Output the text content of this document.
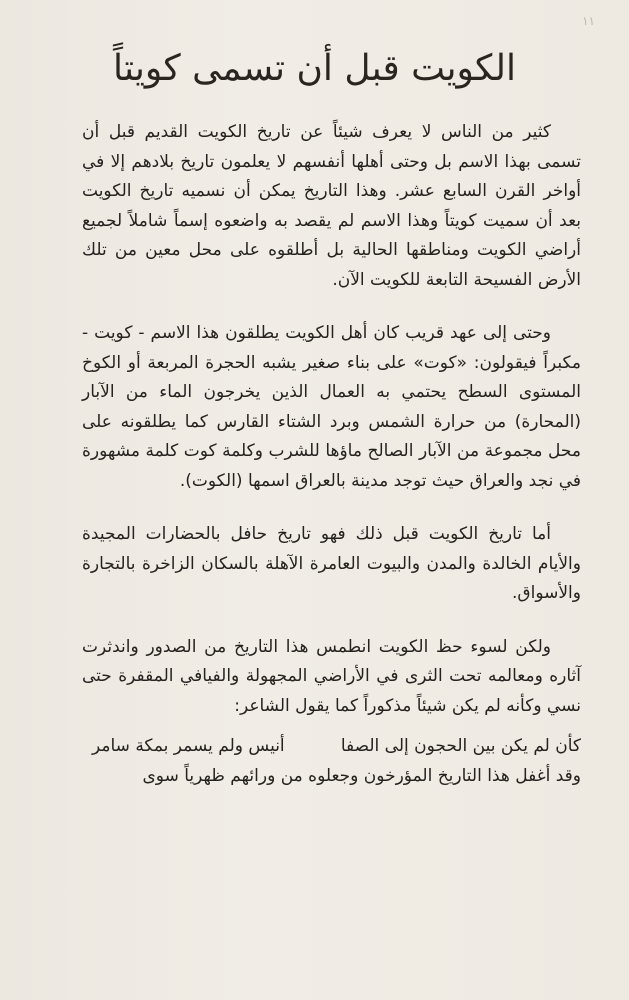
١١
الكويت قبل أن تسمى كويتاً

كثير من الناس لا يعرف شيئاً عن تاريخ الكويت القديم قبل أن تسمى بهذا الاسم بل وحتى أهلها أنفسهم لا يعلمون تاريخ بلادهم إلا في أواخر القرن السابع عشر. وهذا التاريخ يمكن أن نسميه تاريخ الكويت بعد أن سميت كويتاً وهذا الاسم لم يقصد به واضعوه إسماً شاملاً لجميع أراضي الكويت ومناطقها الحالية بل أطلقوه على محل معين من تلك الأرض الفسيحة التابعة للكويت الآن.

وحتى إلى عهد قريب كان أهل الكويت يطلقون هذا الاسم - كويت - مكبراً فيقولون: «كوت» على بناء صغير يشبه الحجرة المربعة أو الكوخ المستوى السطح يحتمي به العمال الذين يخرجون الماء من الآبار (المحارة) من حرارة الشمس وبرد الشتاء القارس كما يطلقونه على محل مجموعة من الآبار الصالح ماؤها للشرب وكلمة كوت كلمة مشهورة في نجد والعراق حيث توجد مدينة بالعراق اسمها (الكوت).

أما تاريخ الكويت قبل ذلك فهو تاريخ حافل بالحضارات المجيدة والأيام الخالدة والمدن والبيوت العامرة الآهلة بالسكان الزاخرة بالتجارة والأسواق.

ولكن لسوء حظ الكويت انطمس هذا التاريخ من الصدور واندثرت آثاره ومعالمه تحت الثرى في الأراضي المجهولة والفيافي المقفرة حتى نسي وكأنه لم يكن شيئاً مذكوراً كما يقول الشاعر:

كأن لم يكن بين الحجون إلى الصفا
أنيس ولم يسمر بمكة سامر
وقد أغفل هذا التاريخ المؤرخون وجعلوه من ورائهم ظهرياً سوى
